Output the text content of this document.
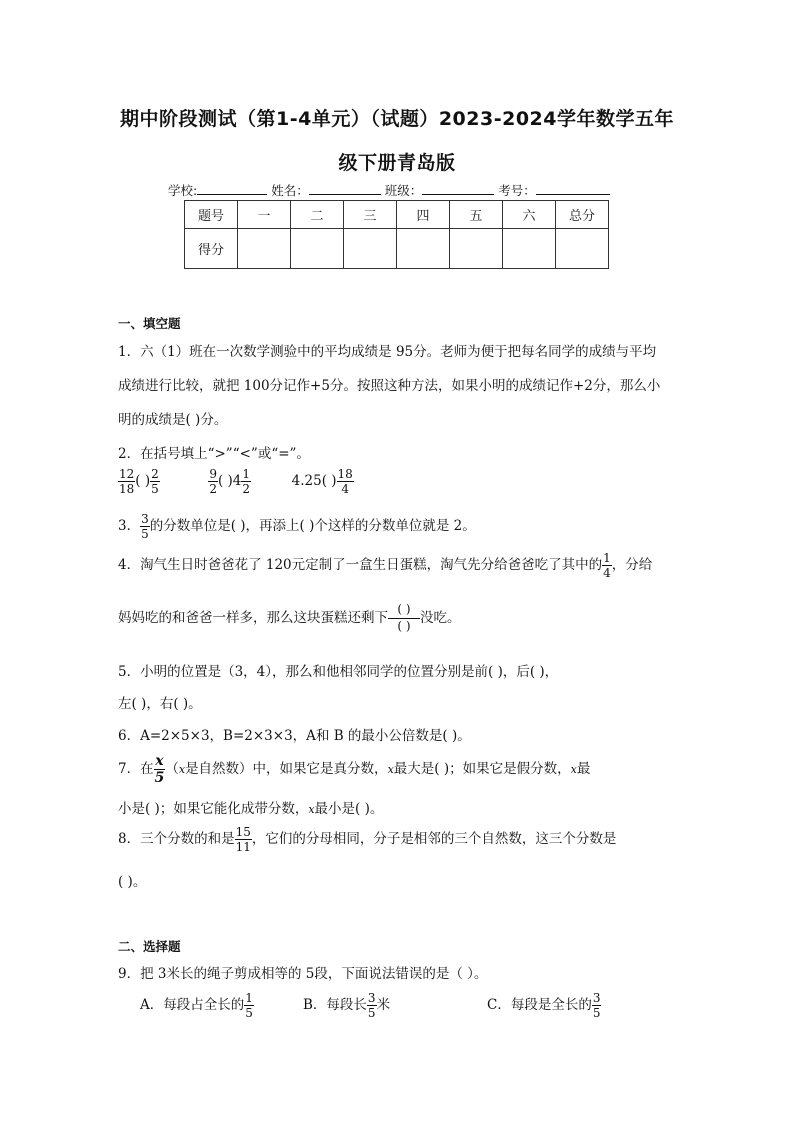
期中阶段测试（第1-4单元）（试题）2023-2024学年数学五年
级下册青岛版
学校:	姓名：	班级：	考号：
题号	一	二	三	四	五	六	总分
得分							
一、填空题
1．六（1）班在一次数学测验中的平均成绩是 95分。老师为便于把每名同学的成绩与平均
成绩进行比较，就把 100分记作+5分。按照这种方法，如果小明的成绩记作+2分，那么小
明的成绩是( )分。
2．在括号填上“>”“<”或“=”。
$\frac{12}{18}$ ( ) $\frac{2}{5}$
	$\frac{9}{2}$ ( )$4 \frac{1}{2}$	4.25( ) $\frac{18}{4}$
3． $\frac{3}{5}$ 的分数单位是( )，再添上( )个这样的分数单位就是 2。
4．淘气生日时爸爸花了 120元定制了一盒生日蛋糕，淘气先分给爸爸吃了其中的 $\frac{1}{4}$ ，分给
妈妈吃的和爸爸一样多，那么这块蛋糕还剩下 $\frac{( )}{( )}$ 没吃。
5．小明的位置是（3，4），那么和他相邻同学的位置分别是前( )，后( )，
左( )，右( )。
6．A=2×5×3，B=2×3×3，A和 B 的最小公倍数是( )。
7．在 $\frac{x}{5} (x$是自然数）中，如果它是真分数，x最大是( )；如果它是假分数，x最
小是( )；如果它能化成带分数，x最小是( )。
8．三个分数的和是 $\frac{15}{11}$ ，它们的分母相同，分子是相邻的三个自然数，这三个分数是
( )。
二、选择题
9．把 3米长的绳子剪成相等的 5段，下面说法错误的是（ ）。
A．每段占全长的 $\frac{1}{5}$	B．每段长 $\frac{3}{5}$ 米	C．每段是全长的 $\frac{3}{5}$
